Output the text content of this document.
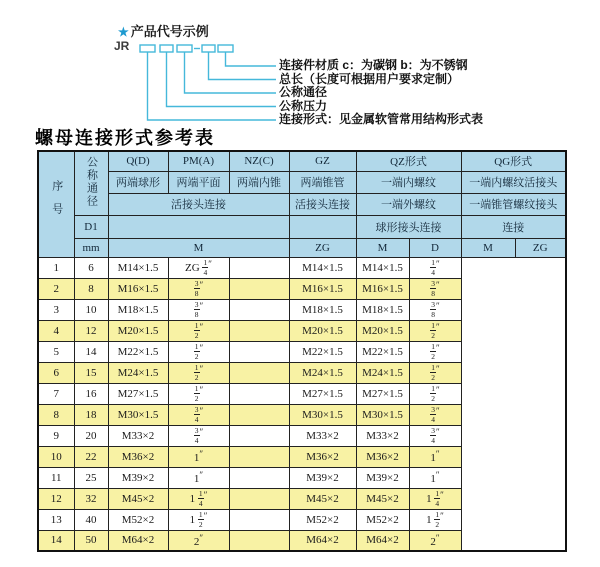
★ 产品代号示例
JR
连接件材质 c：为碳钢 b：为不锈钢
总长（长度可根据用户要求定制）
公称通径
公称压力
连接形式：见金属软管常用结构形式表
螺母连接形式参考表
序号	公称通径	Q(D)	PM(A)	NZ(C)	GZ	QZ形式		QG形式	
		两端球形	两端平面	两端内锥	两端锥管	一端内螺纹		一端内螺纹活接头	
		活接头连接			活接头连接	一端外螺纹		一端锥管螺纹接头	
	D1					球形接头连接		连接	
	mm	M			ZG	M	D	M	ZG
1	6	M14×1.5	ZG $\frac{1}{4} ''$		M14×1.5	M14×1.5	$\frac{1}{4} ''$
2	8	M16×1.5	$\frac{3}{8} ''$		M16×1.5	M16×1.5	$\frac{3}{8} ''$
3	10	M18×1.5	$\frac{3}{8} ''$		M18×1.5	M18×1.5	$\frac{3}{8} ''$
4	12	M20×1.5	$\frac{1}{2} ''$		M20×1.5	M20×1.5	$\frac{1}{2} ''$
5	14	M22×1.5	$\frac{1}{2} ''$		M22×1.5	M22×1.5	$\frac{1}{2} ''$
6	15	M24×1.5	$\frac{1}{2} ''$		M24×1.5	M24×1.5	$\frac{1}{2} ''$
7	16	M27×1.5	$\frac{1}{2} ''$		M27×1.5	M27×1.5	$\frac{1}{2} ''$
8	18	M30×1.5	$\frac{3}{4} ''$		M30×1.5	M30×1.5	$\frac{3}{4} ''$
9	20	M33×2	$\frac{3}{4} ''$		M33×2	M33×2	$\frac{3}{4} ''$
10	22	M36×2	1″		M36×2	M36×2	1″
11	25	M39×2	1″		M39×2	M39×2	1″
12	32	M45×2	$1 \frac{1}{4} ''$		M45×2	M45×2	$1 \frac{1}{4} ''$
13	40	M52×2	$1 \frac{1}{2} ''$		M52×2	M52×2	$1 \frac{1}{2} ''$
14	50	M64×2	2″		M64×2	M64×2	2″
